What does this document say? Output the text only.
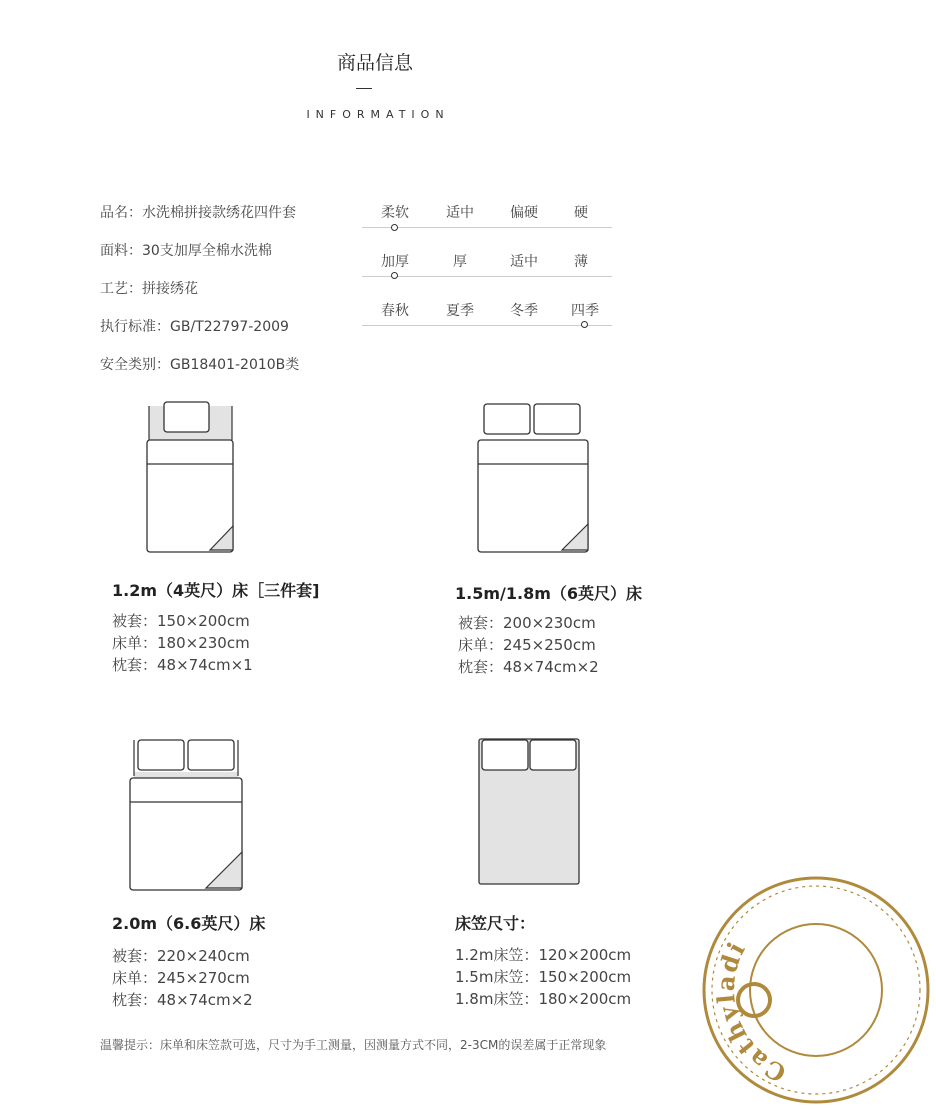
商品信息
INFORMATION
品名：水洗棉拼接款绣花四件套
面料：30支加厚全棉水洗棉
工艺：拼接绣花
执行标准：GB/T22797-2009
安全类别：GB18401-2010B类
柔软	适中	偏硬	硬
加厚	厚	适中	薄
春秋	夏季	冬季	四季
1.2m（4英尺）床［三件套]
被套：150×200cm
床单：180×230cm
枕套：48×74cm×1
1.5m/1.8m（6英尺）床
被套：200×230cm
床单：245×250cm
枕套：48×74cm×2
2.0m（6.6英尺）床
被套：220×240cm
床单：245×270cm
枕套：48×74cm×2
床笠尺寸：
1.2m床笠：120×200cm
1.5m床笠：150×200cm
1.8m床笠：180×200cm
温馨提示：床单和床笠款可选，尺寸为手工测量，因测量方式不同，2-3CM的误差属于正常现象
Cathyladi
